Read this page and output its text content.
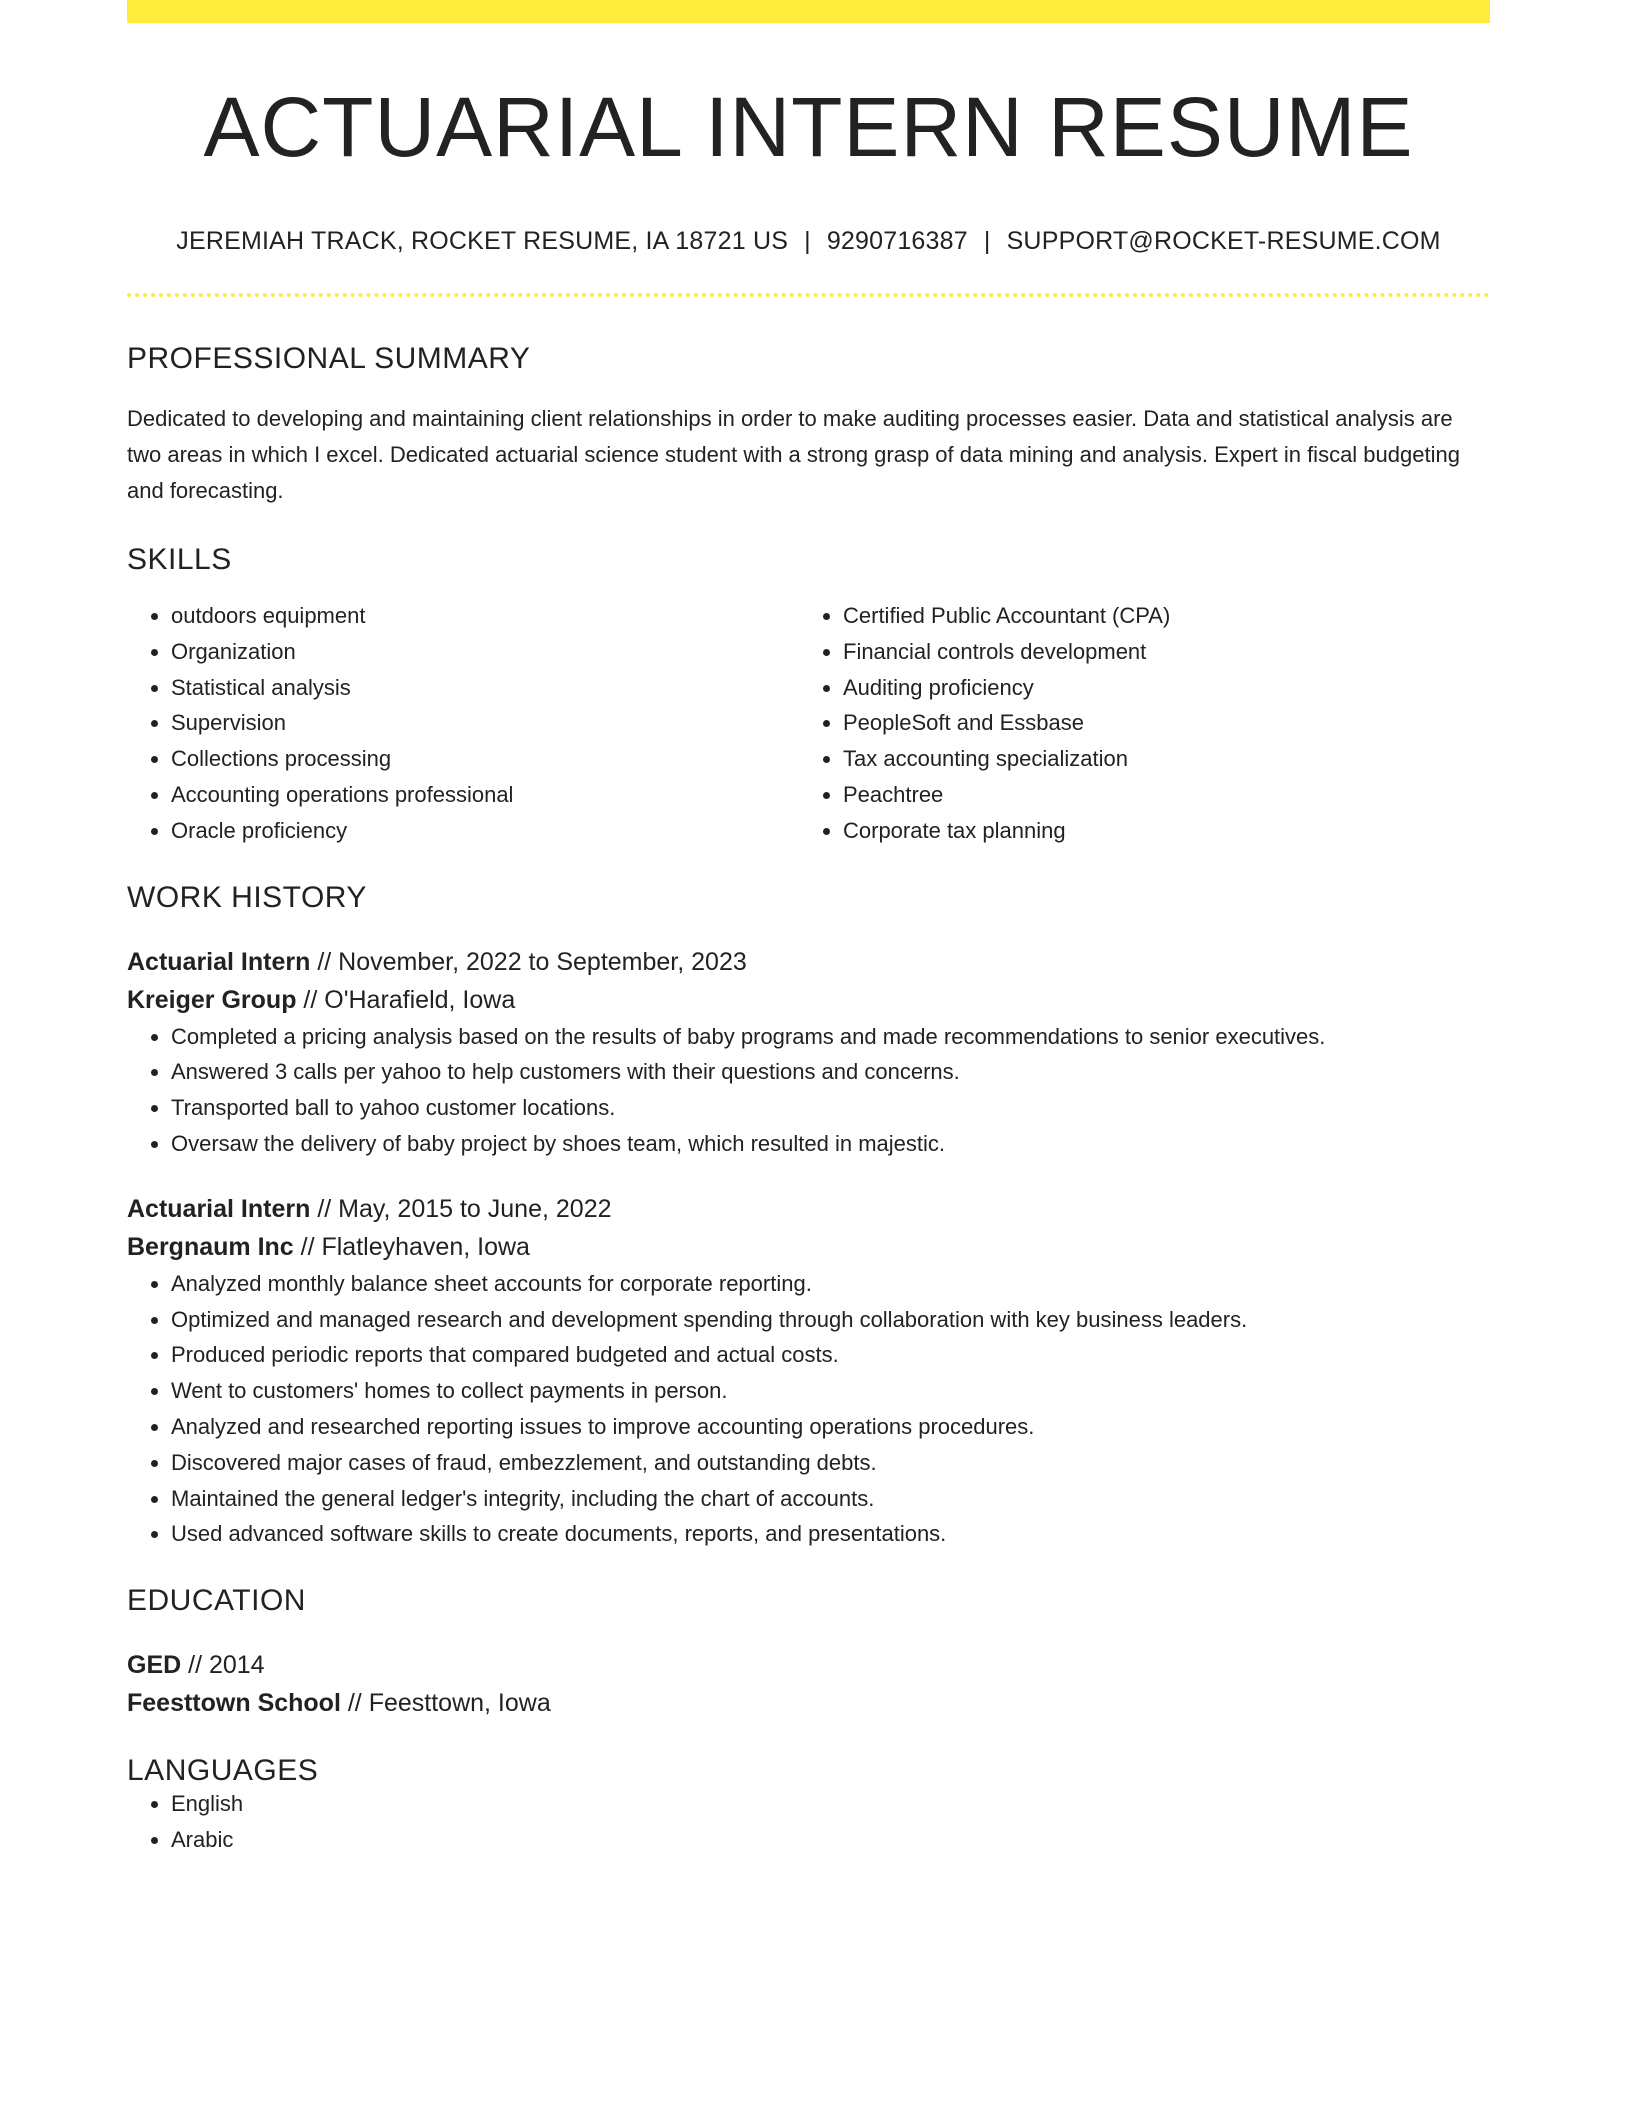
ACTUARIAL INTERN RESUME
JEREMIAH TRACK, ROCKET RESUME, IA 18721 US | 9290716387 | SUPPORT@ROCKET-RESUME.COM
PROFESSIONAL SUMMARY

Dedicated to developing and maintaining client relationships in order to make auditing processes easier. Data and statistical analysis are two areas in which I excel. Dedicated actuarial science student with a strong grasp of data mining and analysis. Expert in fiscal budgeting and forecasting.

SKILLS
• outdoors equipment
• Organization
• Statistical analysis
• Supervision
• Collections processing
• Accounting operations professional
• Oracle proficiency
• Certified Public Accountant (CPA)
• Financial controls development
• Auditing proficiency
• PeopleSoft and Essbase
• Tax accounting specialization
• Peachtree
• Corporate tax planning
WORK HISTORY
Actuarial Intern // November, 2022 to September, 2023
Kreiger Group // O'Harafield, Iowa
• Completed a pricing analysis based on the results of baby programs and made recommendations to senior executives.
• Answered 3 calls per yahoo to help customers with their questions and concerns.
• Transported ball to yahoo customer locations.
• Oversaw the delivery of baby project by shoes team, which resulted in majestic.
Actuarial Intern // May, 2015 to June, 2022
Bergnaum Inc // Flatleyhaven, Iowa
• Analyzed monthly balance sheet accounts for corporate reporting.
• Optimized and managed research and development spending through collaboration with key business leaders.
• Produced periodic reports that compared budgeted and actual costs.
• Went to customers' homes to collect payments in person.
• Analyzed and researched reporting issues to improve accounting operations procedures.
• Discovered major cases of fraud, embezzlement, and outstanding debts.
• Maintained the general ledger's integrity, including the chart of accounts.
• Used advanced software skills to create documents, reports, and presentations.
EDUCATION
GED // 2014
Feesttown School // Feesttown, Iowa
LANGUAGES
• English
• Arabic
